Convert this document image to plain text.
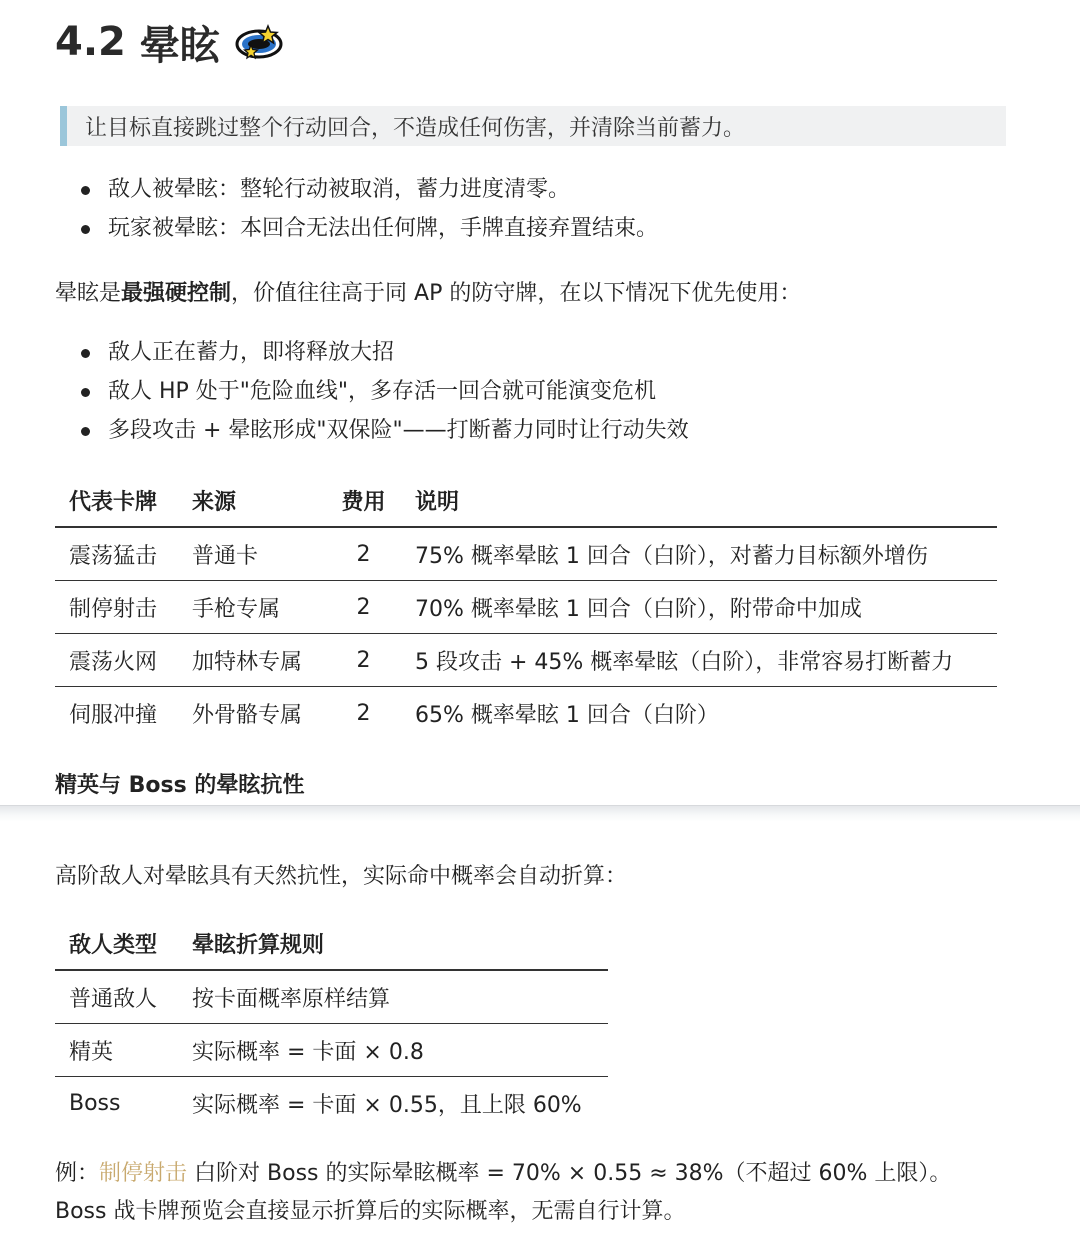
4.2
晕眩
让目标直接跳过整个行动回合，不造成任何伤害，并清除当前蓄力。
敌人被晕眩：整轮行动被取消，蓄力进度清零。
玩家被晕眩：本回合无法出任何牌，手牌直接弃置结束。
晕眩是最强硬控制，价值往往高于同 AP 的防守牌，在以下情况下优先使用：
敌人正在蓄力，即将释放大招
敌人 HP 处于"危险血线"，多存活一回合就可能演变危机
多段攻击 + 晕眩形成"双保险"——打断蓄力同时让行动失效
代表卡牌	来源	费用	说明
震荡猛击	普通卡	2	75% 概率晕眩 1 回合（白阶），对蓄力目标额外增伤
制停射击	手枪专属	2	70% 概率晕眩 1 回合（白阶），附带命中加成
震荡火网	加特林专属	2	5 段攻击 + 45% 概率晕眩（白阶），非常容易打断蓄力
伺服冲撞	外骨骼专属	2	65% 概率晕眩 1 回合（白阶）
精英与 Boss 的晕眩抗性
高阶敌人对晕眩具有天然抗性，实际命中概率会自动折算：
敌人类型	晕眩折算规则
普通敌人	按卡面概率原样结算
精英	实际概率 = 卡面 × 0.8
Boss	实际概率 = 卡面 × 0.55，且上限 60%
例：制停射击 白阶对 Boss 的实际晕眩概率 = 70% × 0.55 ≈ 38%（不超过 60% 上限）。
Boss 战卡牌预览会直接显示折算后的实际概率，无需自行计算。
